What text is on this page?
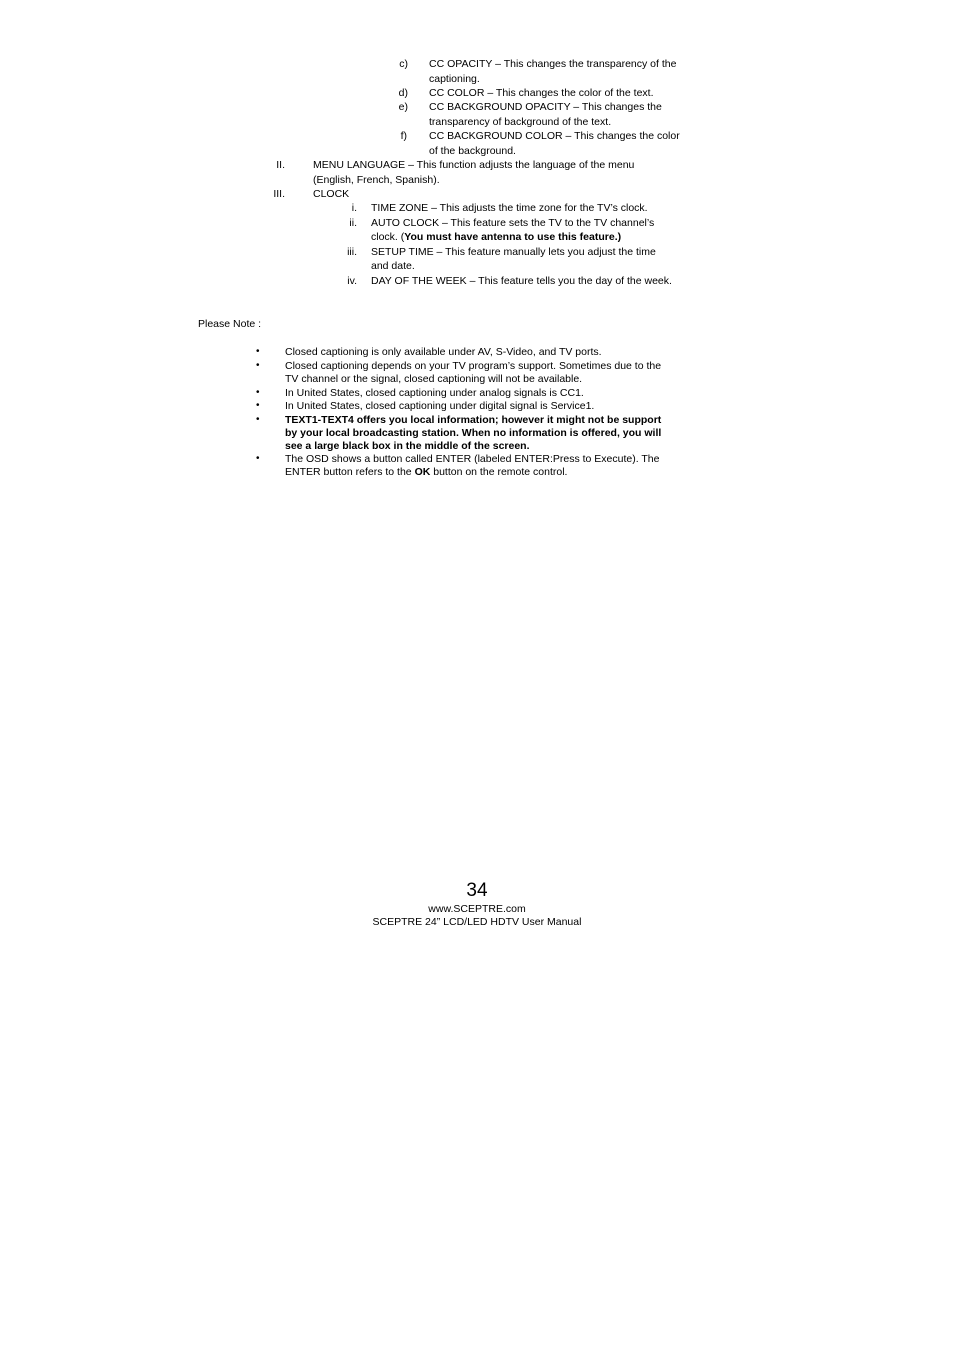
c) CC OPACITY – This changes the transparency of the
captioning.
d) CC COLOR – This changes the color of the text.
e) CC BACKGROUND OPACITY – This changes the
transparency of background of the text.
f) CC BACKGROUND COLOR – This changes the color
of the background.
II.	MENU LANGUAGE – This function adjusts the language of the menu
(English, French, Spanish).
III.	CLOCK
i. TIME ZONE – This adjusts the time zone for the TV’s clock.
ii. AUTO CLOCK – This feature sets the TV to the TV channel’s
clock. (You must have antenna to use this feature.)
iii. SETUP TIME – This feature manually lets you adjust the time
and date.
iv. DAY OF THE WEEK – This feature tells you the day of the week.
Please Note :
• Closed captioning is only available under AV, S-Video, and TV ports.
• Closed captioning depends on your TV program’s support. Sometimes due to the
TV channel or the signal, closed captioning will not be available.
• In United States, closed captioning under analog signals is CC1.
• In United States, closed captioning under digital signal is Service1.
• TEXT1-TEXT4 offers you local information; however it might not be support
by your local broadcasting station. When no information is offered, you will
see a large black box in the middle of the screen.
• The OSD shows a button called ENTER (labeled ENTER:Press to Execute). The
ENTER button refers to the OK button on the remote control.
34
www.SCEPTRE.com
SCEPTRE 24” LCD/LED HDTV User Manual
